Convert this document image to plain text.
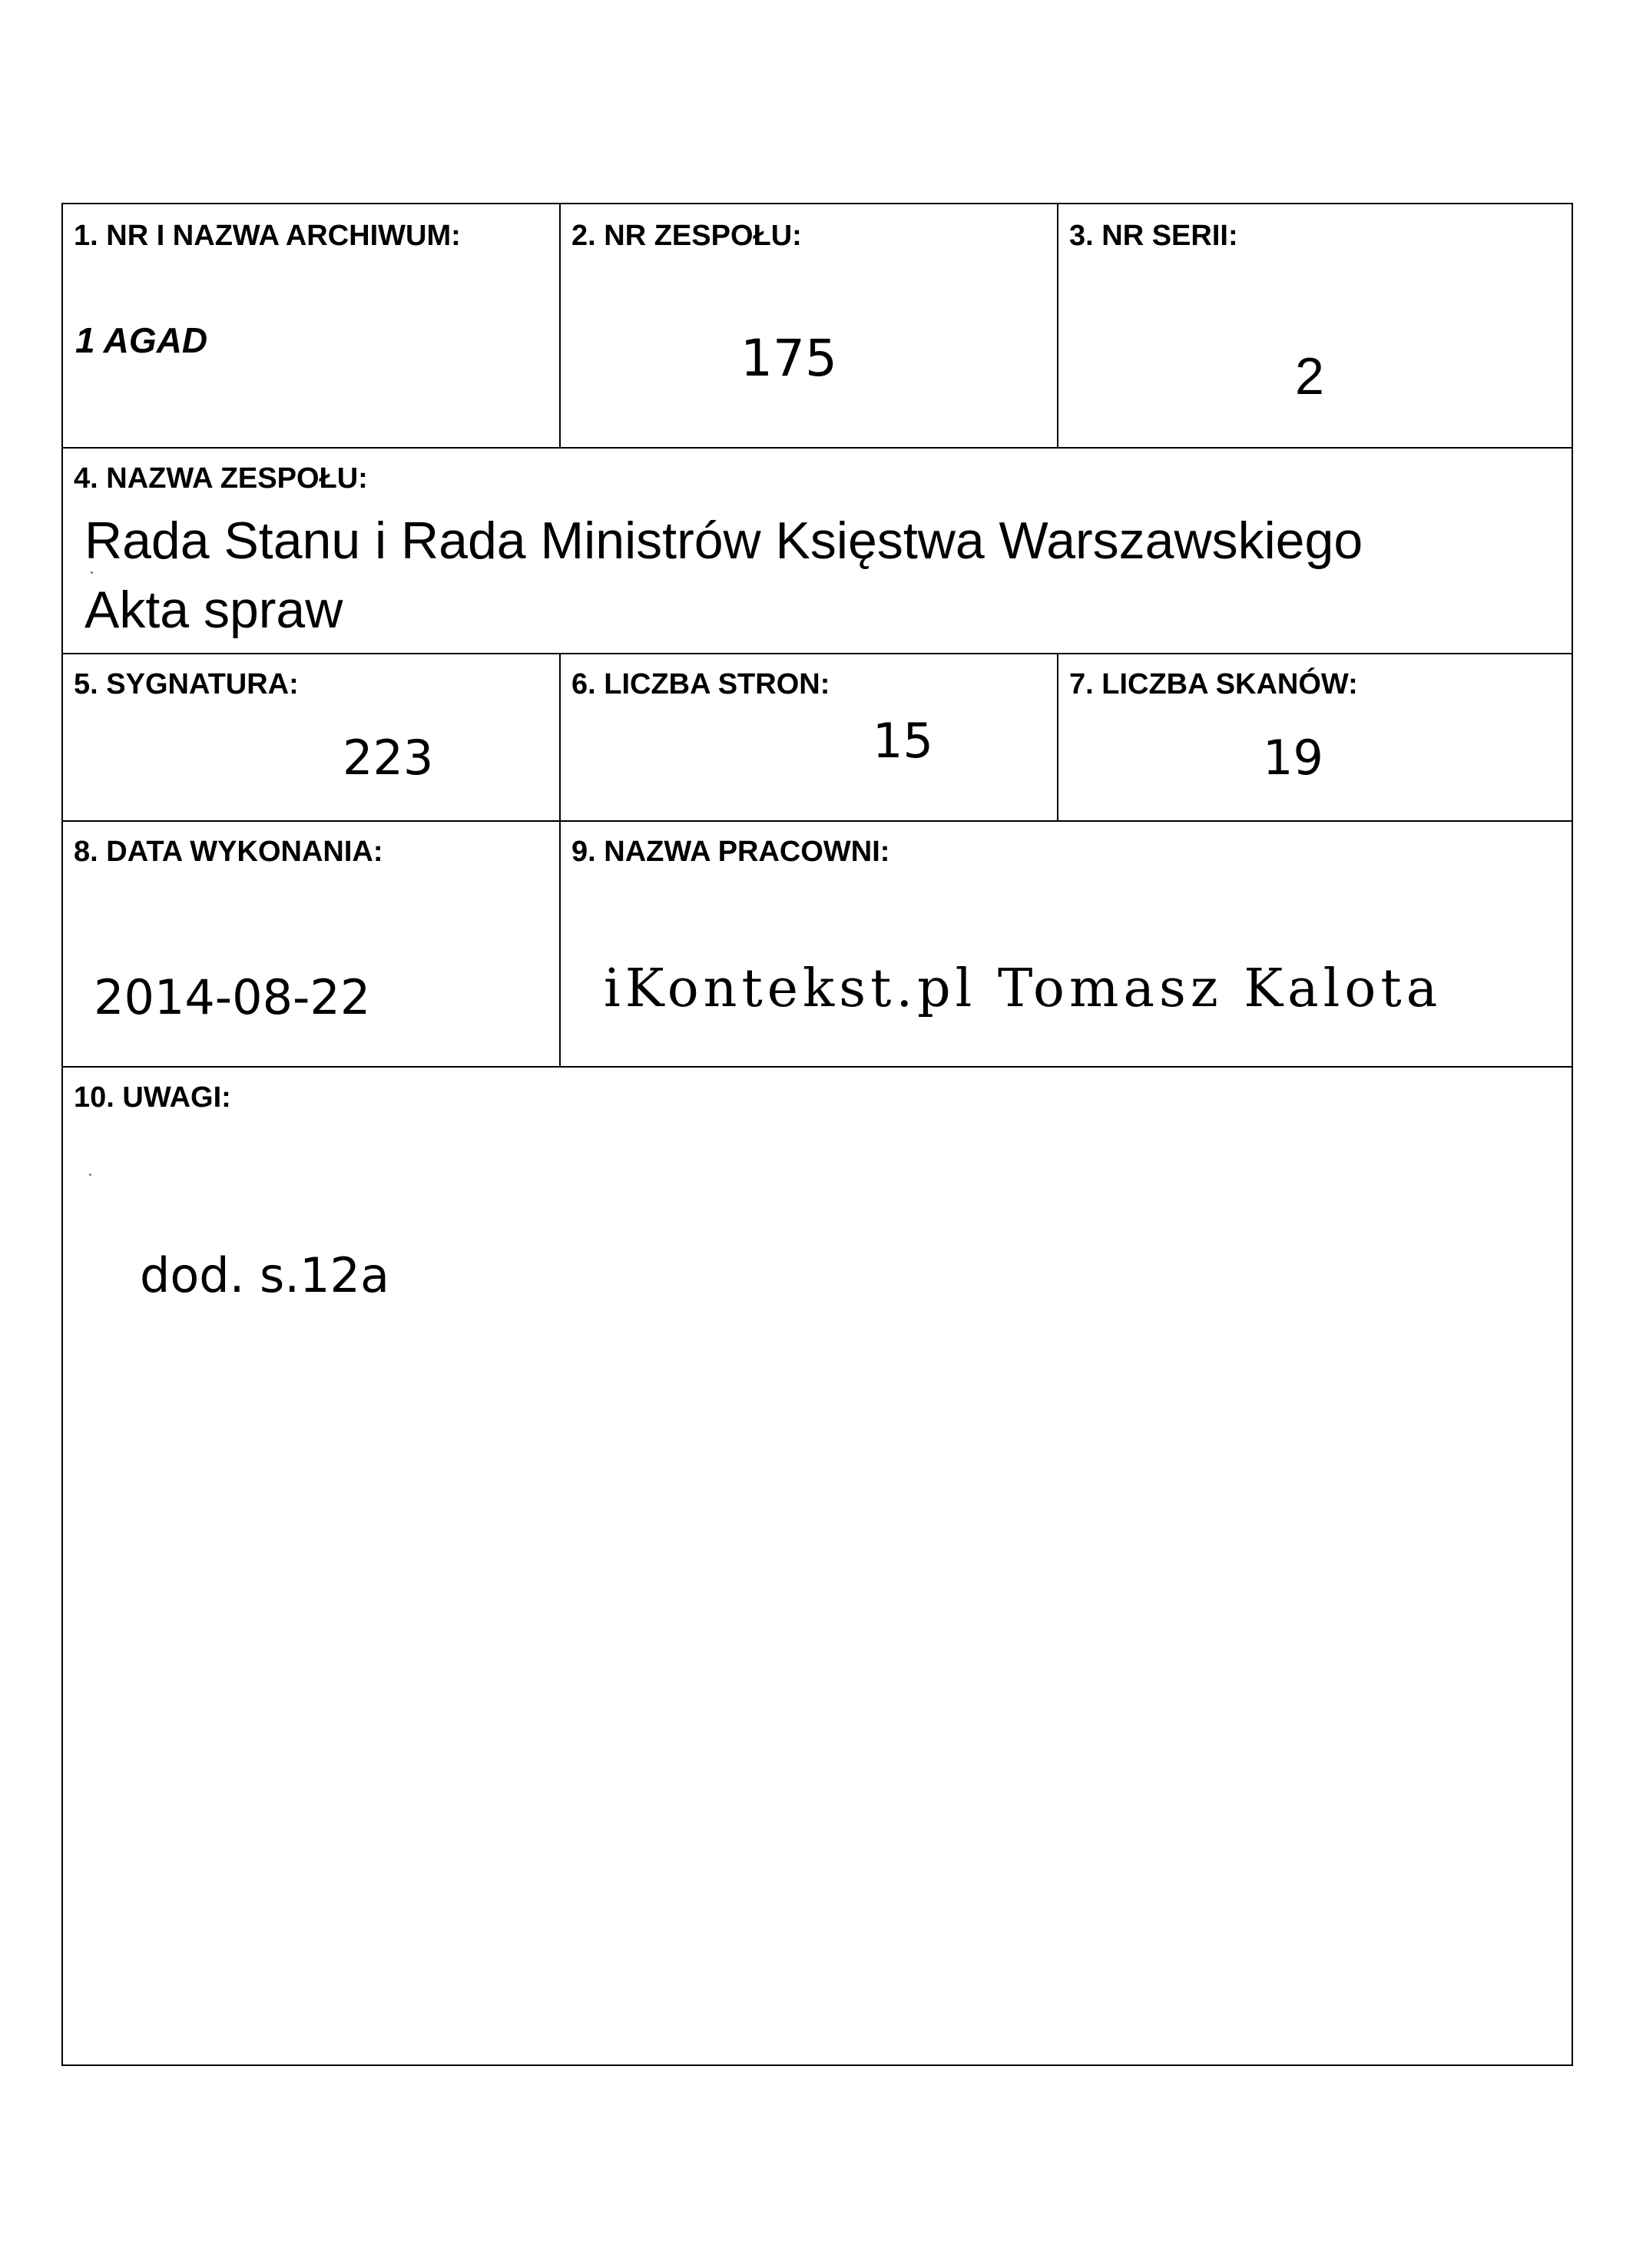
1. NR I NAZWA ARCHIWUM:
1 AGAD
2. NR ZESPOŁU:
175
3. NR SERII:
2
4. NAZWA ZESPOŁU:
Rada Stanu i Rada Ministrów Księstwa Warszawskiego
Akta spraw
5. SYGNATURA:
223
6. LICZBA STRON:
15
7. LICZBA SKANÓW:
19
8. DATA WYKONANIA:
2014-08-22
9. NAZWA PRACOWNI:
iKontekst.pl Tomasz Kalota
10. UWAGI:
dod. s.12a
